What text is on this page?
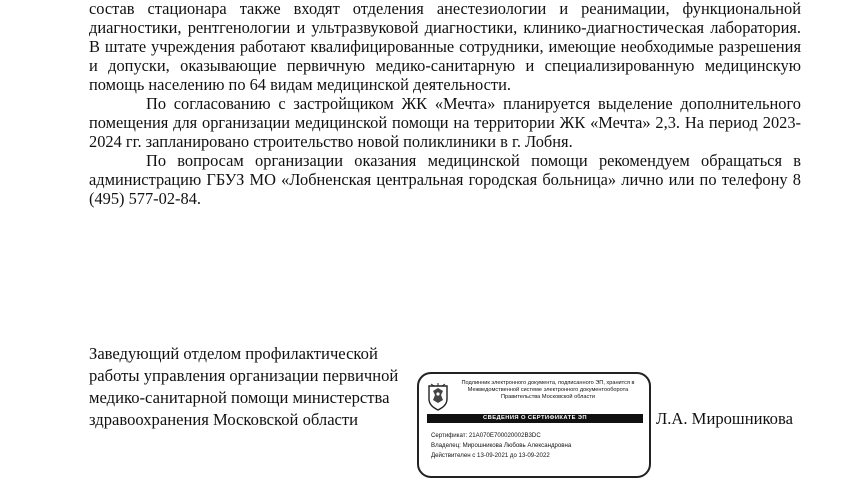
состав стационара также входят отделения анестезиологии и реанимации, функциональной диагностики, рентгенологии и ультразвуковой диагностики, клинико-диагностическая лаборатория. В штате учреждения работают квалифицированные сотрудники, имеющие необходимые разрешения и допуски, оказывающие первичную медико-санитарную и специализированную медицинскую помощь населению по 64 видам медицинской деятельности.

По согласованию с застройщиком ЖК «Мечта» планируется выделение дополнительного помещения для организации медицинской помощи на территории ЖК «Мечта» 2,3. На период 2023-2024 гг. запланировано строительство новой поликлиники в г. Лобня.

По вопросам организации оказания медицинской помощи рекомендуем обращаться в администрацию ГБУЗ МО «Лобненская центральная городская больница» лично или по телефону 8 (495) 577-02-84.

Заведующий отделом профилактической
работы управления организации первичной
медико-санитарной помощи министерства
здравоохранения Московской области	Л.А. Мирошникова
Подлинник электронного документа, подписанного ЭП, хранится в Межведомственной системе электронного документооборота Правительства Московской области
СВЕДЕНИЯ О СЕРТИФИКАТЕ ЭП
Сертификат: 21A070E700020002B3DC
Владелец: Мирошникова Любовь Александровна
Действителен с 13-09-2021 до 13-09-2022
